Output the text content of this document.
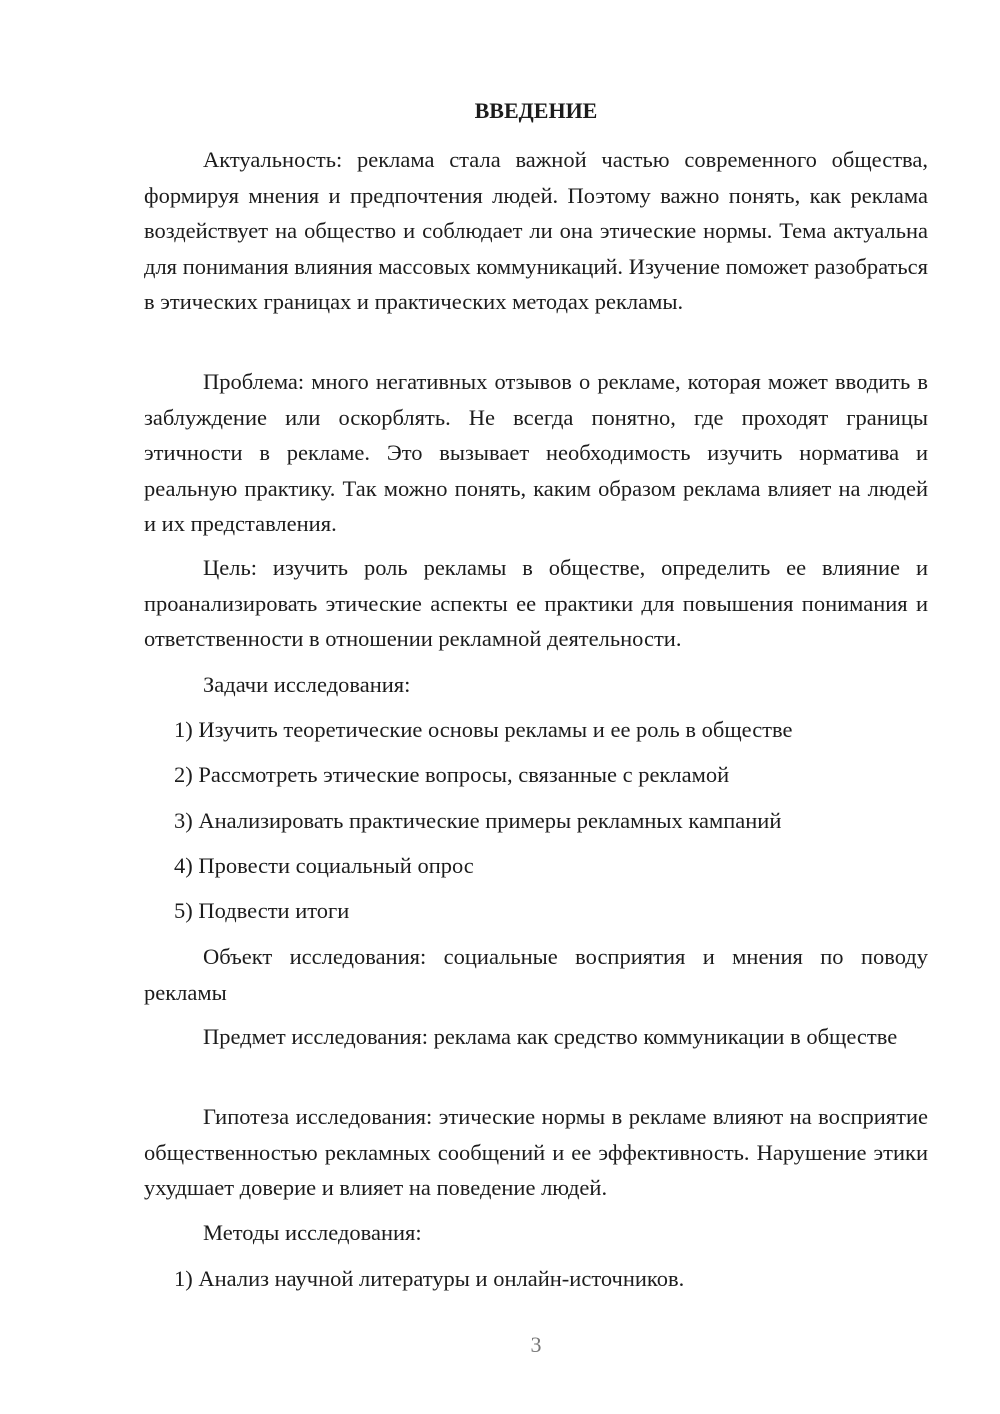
ВВЕДЕНИЕ

Актуальность: реклама стала важной частью современного общества, формируя мнения и предпочтения людей. Поэтому важно понять, как реклама воздействует на общество и соблюдает ли она этические нормы. Тема актуальна для понимания влияния массовых коммуникаций. Изучение поможет разобраться в этических границах и практических методах рекламы.

Проблема: много негативных отзывов о рекламе, которая может вводить в заблуждение или оскорблять. Не всегда понятно, где проходят границы этичности в рекламе. Это вызывает необходимость изучить норматива и реальную практику. Так можно понять, каким образом реклама влияет на людей и их представления.

Цель: изучить роль рекламы в обществе, определить ее влияние и проанализировать этические аспекты ее практики для повышения понимания и ответственности в отношении рекламной деятельности.

Задачи исследования:

1) Изучить теоретические основы рекламы и ее роль в обществе

2) Рассмотреть этические вопросы, связанные с рекламой

3) Анализировать практические примеры рекламных кампаний

4) Провести социальный опрос

5) Подвести итоги

Объект исследования: социальные восприятия и мнения по поводу рекламы

Предмет исследования: реклама как средство коммуникации в обществе

Гипотеза исследования: этические нормы в рекламе влияют на восприятие общественностью рекламных сообщений и ее эффективность. Нарушение этики ухудшает доверие и влияет на поведение людей.

Методы исследования:

1) Анализ научной литературы и онлайн-источников.

3
